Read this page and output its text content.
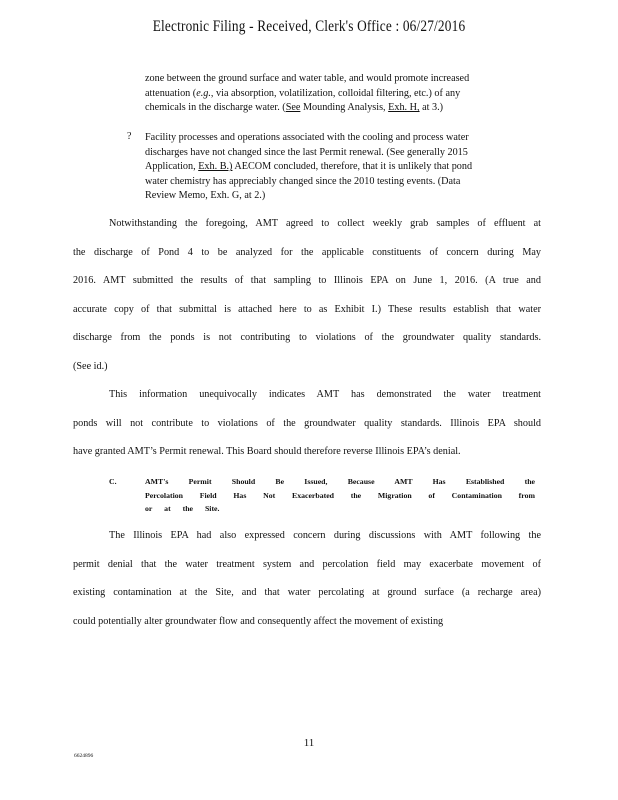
Electronic Filing - Received, Clerk's Office : 06/27/2016
zone between the ground surface and water table, and would promote increased
attenuation (e.g., via absorption, volatilization, colloidal filtering, etc.) of any
chemicals in the discharge water. (See Mounding Analysis, Exh. H, at 3.)
? Facility processes and operations associated with the cooling and process water
discharges have not changed since the last Permit renewal. (See generally 2015
Application, Exh. B.) AECOM concluded, therefore, that it is unlikely that pond
water chemistry has appreciably changed since the 2010 testing events. (Data
Review Memo, Exh. G, at 2.)
Notwithstanding the foregoing, AMT agreed to collect weekly grab samples of effluent at
the discharge of Pond 4 to be analyzed for the applicable constituents of concern during May
2016. AMT submitted the results of that sampling to Illinois EPA on June 1, 2016. (A true and
accurate copy of that submittal is attached here to as Exhibit I.) These results establish that water
discharge from the ponds is not contributing to violations of the groundwater quality standards.
(See id.)
This information unequivocally indicates AMT has demonstrated the water treatment
ponds will not contribute to violations of the groundwater quality standards. Illinois EPA should
have granted AMT’s Permit renewal. This Board should therefore reverse Illinois EPA’s denial.
C.	AMT's Permit Should Be Issued, Because AMT Has Established the
Percolation Field Has Not Exacerbated the Migration of Contamination from
or at the Site.
The Illinois EPA had also expressed concern during discussions with AMT following the
permit denial that the water treatment system and percolation field may exacerbate movement of
existing contamination at the Site, and that water percolating at ground surface (a recharge area)
could potentially alter groundwater flow and consequently affect the movement of existing
11
6624896
